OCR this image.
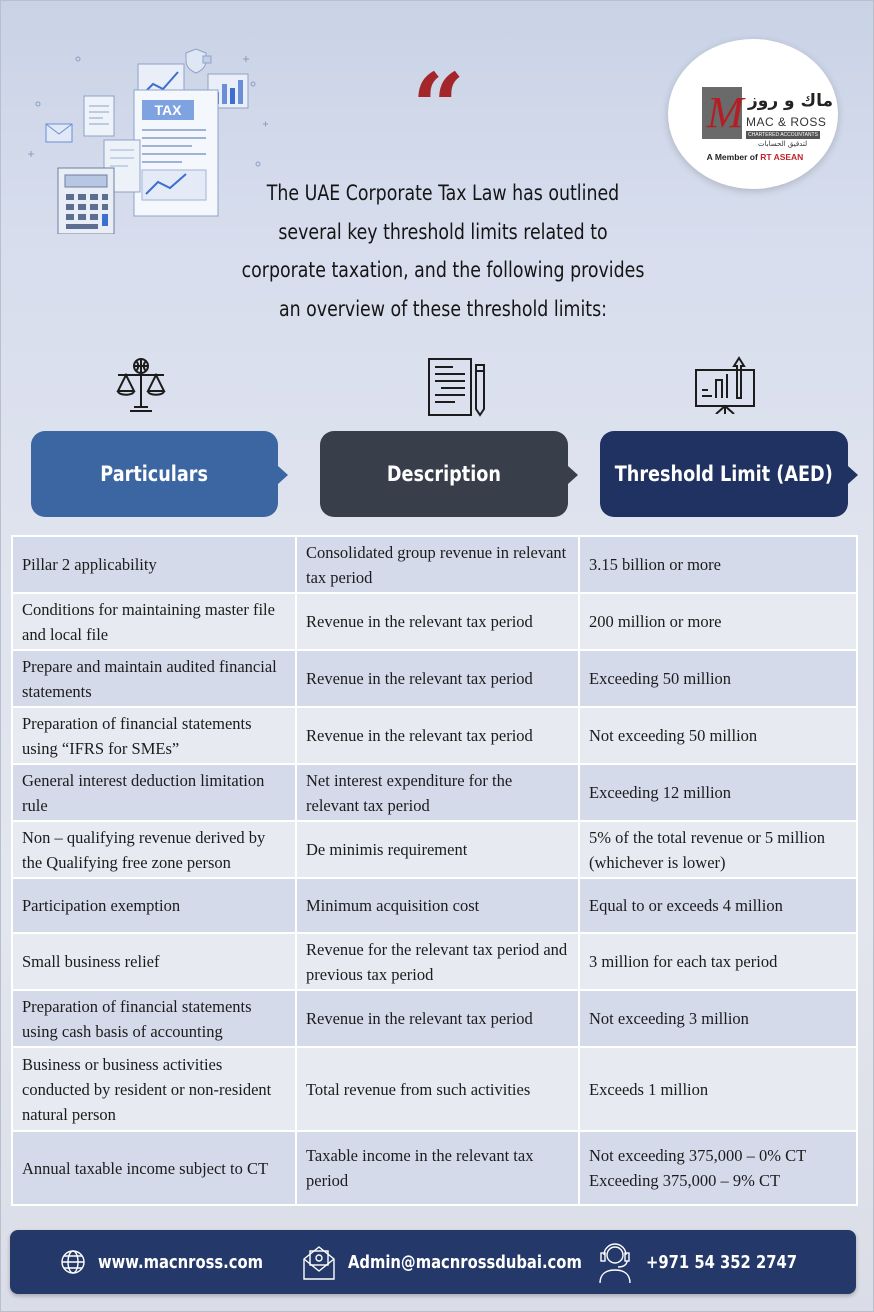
TAX	“
The UAE Corporate Tax Law has outlined
several key threshold limits related to
corporate taxation, and the following provides
an overview of these threshold limits:
M ماك و روز
MAC & ROSS
CHARTERED ACCOUNTANTS
لتدقيق الحسابات
A Member of RT ASEAN
Particulars	Description	Threshold Limit (AED)
Pillar 2 applicability	Consolidated group revenue in relevant tax period	3.15 billion or more
Conditions for maintaining master file and local file	Revenue in the relevant tax period	200 million or more
Prepare and maintain audited financial statements	Revenue in the relevant tax period	Exceeding 50 million
Preparation of financial statements using “IFRS for SMEs”	Revenue in the relevant tax period	Not exceeding 50 million
General interest deduction limitation rule	Net interest expenditure for the relevant tax period	Exceeding 12 million
Non – qualifying revenue derived by the Qualifying free zone person	De minimis requirement	5% of the total revenue or 5 million (whichever is lower)
Participation exemption	Minimum acquisition cost	Equal to or exceeds 4 million
Small business relief	Revenue for the relevant tax period and previous tax period	3 million for each tax period
Preparation of financial statements using cash basis of accounting	Revenue in the relevant tax period	Not exceeding 3 million
Business or business activities conducted by resident or non-resident natural person	Total revenue from such activities	Exceeds 1 million
Annual taxable income subject to CT	Taxable income in the relevant tax period	Not exceeding 375,000 – 0% CT Exceeding 375,000 – 9% CT
www.macnross.com	Admin@macnrossdubai.com	+971 54 352 2747
